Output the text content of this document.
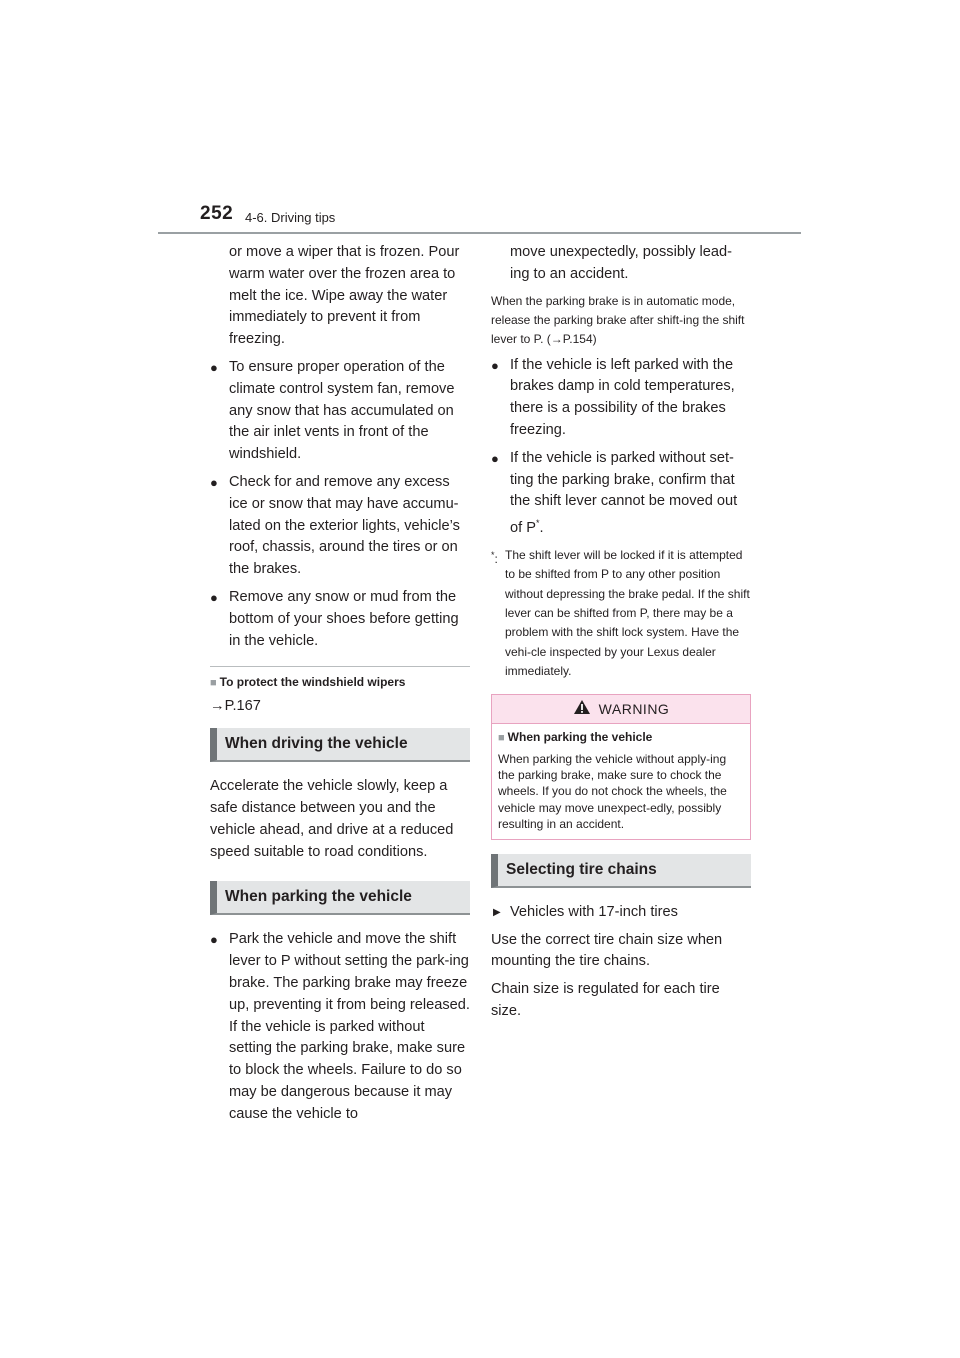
252 4-6. Driving tips
or move a wiper that is frozen. Pour warm water over the frozen area to melt the ice. Wipe away the water immediately to prevent it from freezing.
● To ensure proper operation of the climate control system fan, remove any snow that has accumulated on the air inlet vents in front of the windshield.
● Check for and remove any excess ice or snow that may have accumu-lated on the exterior lights, vehicle’s roof, chassis, around the tires or on the brakes.
● Remove any snow or mud from the bottom of your shoes before getting in the vehicle.
■ To protect the windshield wipers
→P.167
When driving the vehicle
Accelerate the vehicle slowly, keep a safe distance between you and the vehicle ahead, and drive at a reduced speed suitable to road conditions.
When parking the vehicle
● Park the vehicle and move the shift lever to P without setting the park-ing brake. The parking brake may freeze up, preventing it from being released. If the vehicle is parked without setting the parking brake, make sure to block the wheels. Failure to do so may be dangerous because it may cause the vehicle to
move unexpectedly, possibly lead-ing to an accident.
When the parking brake is in automatic mode, release the parking brake after shift-ing the shift lever to P. (→P.154)
● If the vehicle is left parked with the brakes damp in cold temperatures, there is a possibility of the brakes freezing.
● If the vehicle is parked without set-ting the parking brake, confirm that the shift lever cannot be moved out of P*.
*: The shift lever will be locked if it is attempted to be shifted from P to any other position without depressing the brake pedal. If the shift lever can be shifted from P, there may be a problem with the shift lock system. Have the vehi-cle inspected by your Lexus dealer immediately.
WARNING
■ When parking the vehicle
When parking the vehicle without apply-ing the parking brake, make sure to chock the wheels. If you do not chock the wheels, the vehicle may move unexpect-edly, possibly resulting in an accident.
Selecting tire chains
▶ Vehicles with 17-inch tires
Use the correct tire chain size when mounting the tire chains.
Chain size is regulated for each tire size.
